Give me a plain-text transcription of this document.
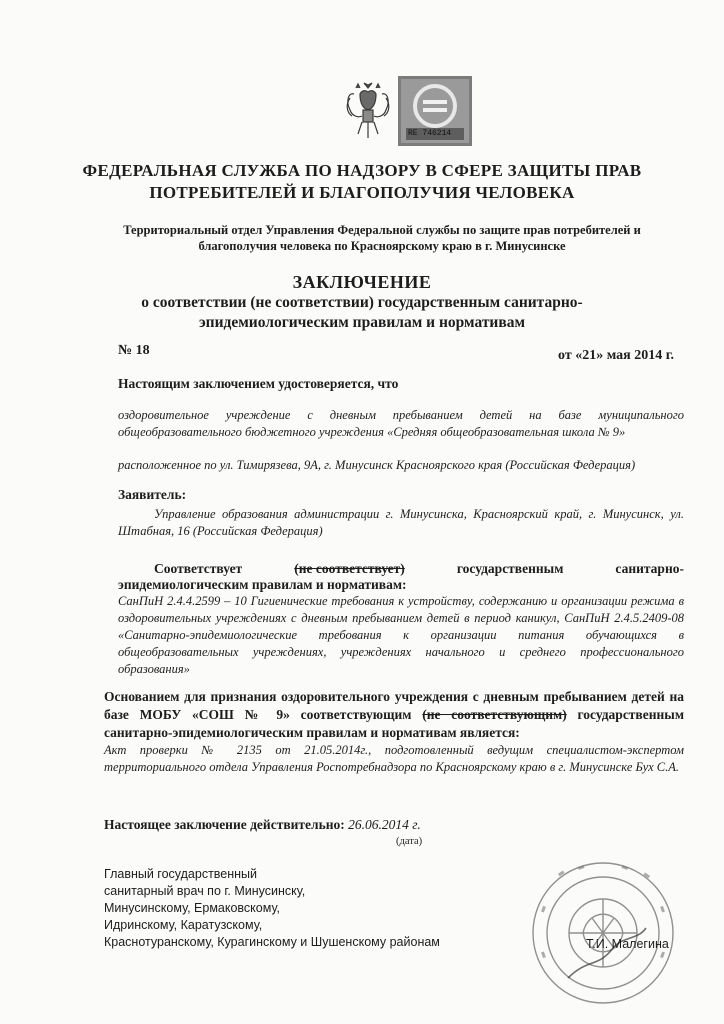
RE 746214
ФЕДЕРАЛЬНАЯ СЛУЖБА ПО НАДЗОРУ В СФЕРЕ ЗАЩИТЫ ПРАВ
ПОТРЕБИТЕЛЕЙ И БЛАГОПОЛУЧИЯ ЧЕЛОВЕКА
Территориальный отдел Управления Федеральной службы по защите прав потребителей и
благополучия человека по Красноярскому краю в г. Минусинске
ЗАКЛЮЧЕНИЕ
о соответствии (не соответствии) государственным санитарно-
эпидемиологическим правилам и нормативам
№ 18	от «21» мая 2014 г.
Настоящим заключением удостоверяется, что
оздоровительное учреждение с дневным пребыванием детей на базе муниципального общеобразовательного бюджетного учреждения «Средняя общеобразовательная школа № 9»
расположенное по ул. Тимирязева, 9А, г. Минусинск Красноярского края (Российская Федерация)
Заявитель:
Управление образования администрации г. Минусинска, Красноярский край, г. Минусинск, ул. Штабная, 16 (Российская Федерация)
Соответствует	(не соответствует)	государственным	санитарно-
эпидемиологическим правилам и нормативам:
СанПиН 2.4.4.2599 – 10 Гигиенические требования к устройству, содержанию и организации режима в оздоровительных учреждениях с дневным пребыванием детей в период каникул, СанПиН 2.4.5.2409-08 «Санитарно-эпидемиологические требования к организации питания обучающихся в общеобразовательных учреждениях, учреждениях начального и среднего профессионального образования»
Основанием для признания оздоровительного учреждения с дневным пребыванием детей на базе МОБУ «СОШ № 9» соответствующим (не соответствующим) государственным санитарно-эпидемиологическим правилам и нормативам является:
Акт проверки № 2135 от 21.05.2014г., подготовленный ведущим специалистом-экспертом территориального отдела Управления Роспотребнадзора по Красноярскому краю в г. Минусинске Бух С.А.
Настоящее заключение действительно: 26.06.2014 г.
(дата)
Главный государственный
санитарный врач по г. Минусинску,
Минусинскому, Ермаковскому,
Идринскому, Каратузскому,
Краснотуранскому, Курагинскому и Шушенскому районам	Т.И. Малегина
